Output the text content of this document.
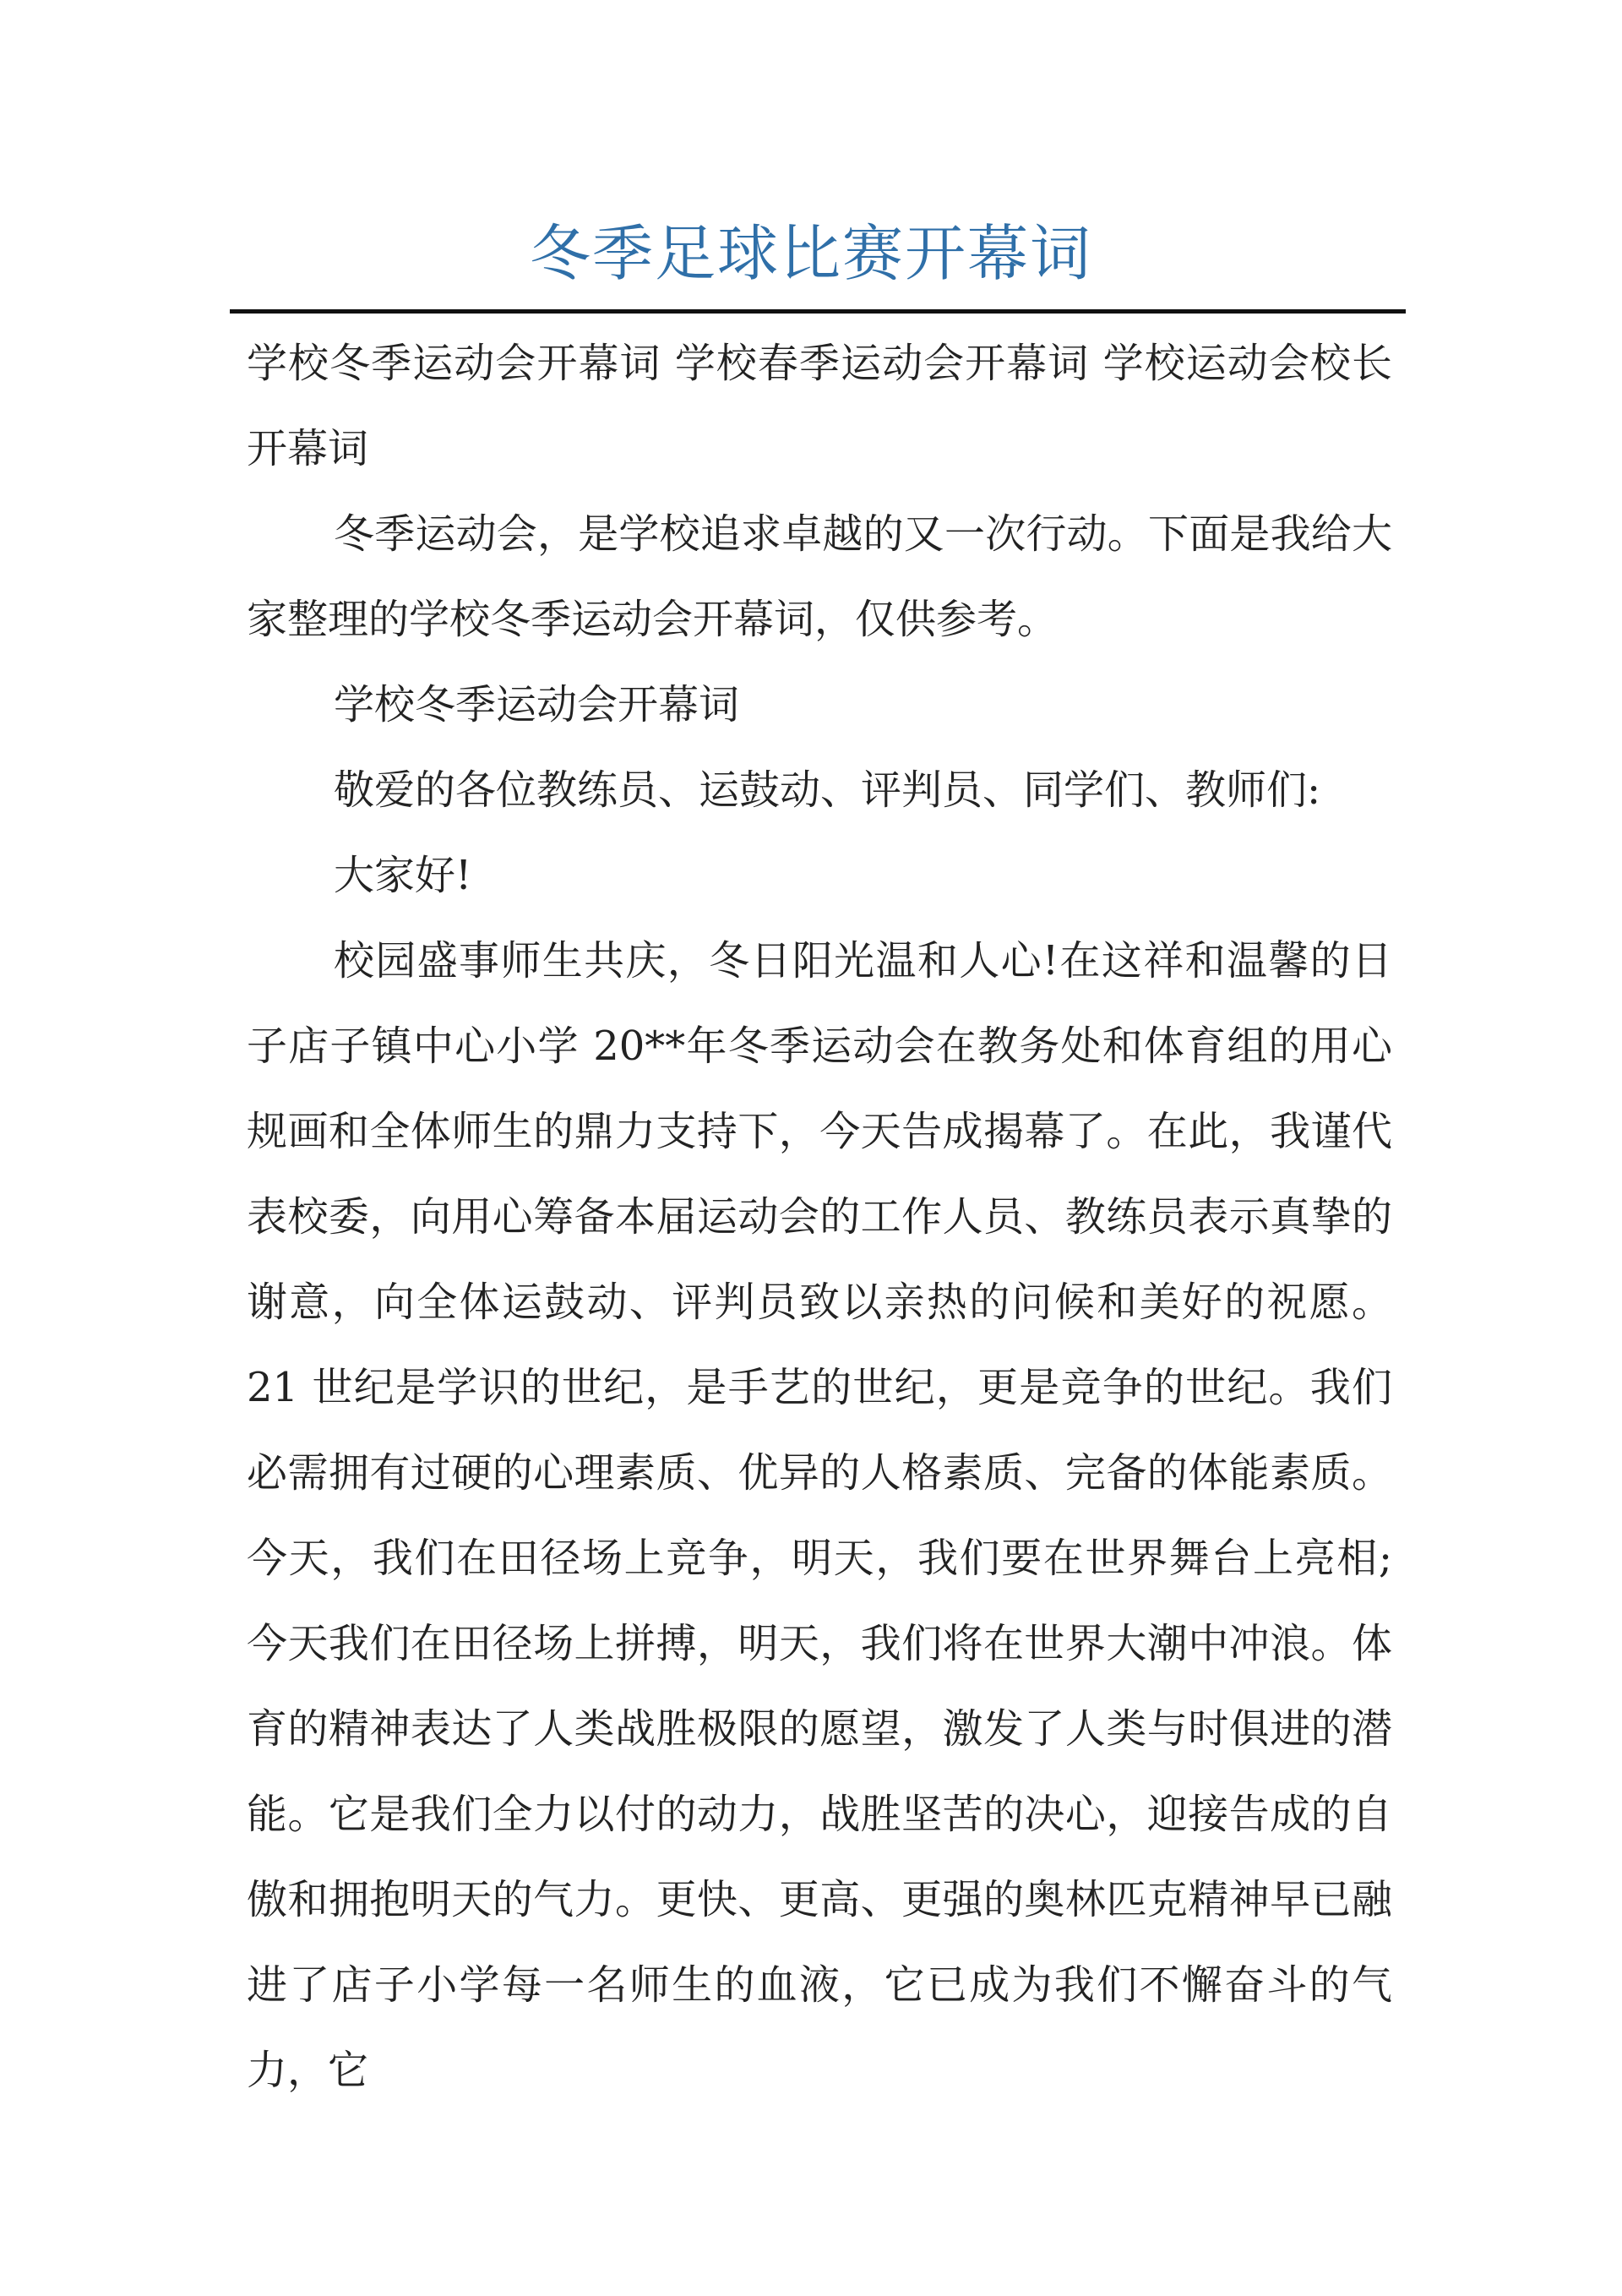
冬季足球比赛开幕词

学校冬季运动会开幕词 学校春季运动会开幕词 学校运动会校长开幕词

冬季运动会，是学校追求卓越的又一次行动。下面是我给大家整理的学校冬季运动会开幕词，仅供参考。

学校冬季运动会开幕词

敬爱的各位教练员、运鼓动、评判员、同学们、教师们:

大家好!

校园盛事师生共庆，冬日阳光温和人心!在这祥和温馨的日子店子镇中心小学 20**年冬季运动会在教务处和体育组的用心规画和全体师生的鼎力支持下，今天告成揭幕了。在此，我谨代表校委，向用心筹备本届运动会的工作人员、教练员表示真挚的谢意，向全体运鼓动、评判员致以亲热的问候和美好的祝愿。 21 世纪是学识的世纪，是手艺的世纪，更是竞争的世纪。我们必需拥有过硬的心理素质、优异的人格素质、完备的体能素质。今天，我们在田径场上竞争，明天，我们要在世界舞台上亮相;今天我们在田径场上拼搏，明天，我们将在世界大潮中冲浪。体育的精神表达了人类战胜极限的愿望，激发了人类与时俱进的潜能。它是我们全力以付的动力，战胜坚苦的决心，迎接告成的自傲和拥抱明天的气力。更快、更高、更强的奥林匹克精神早已融进了店子小学每一名师生的血液，它已成为我们不懈奋斗的气力，它
